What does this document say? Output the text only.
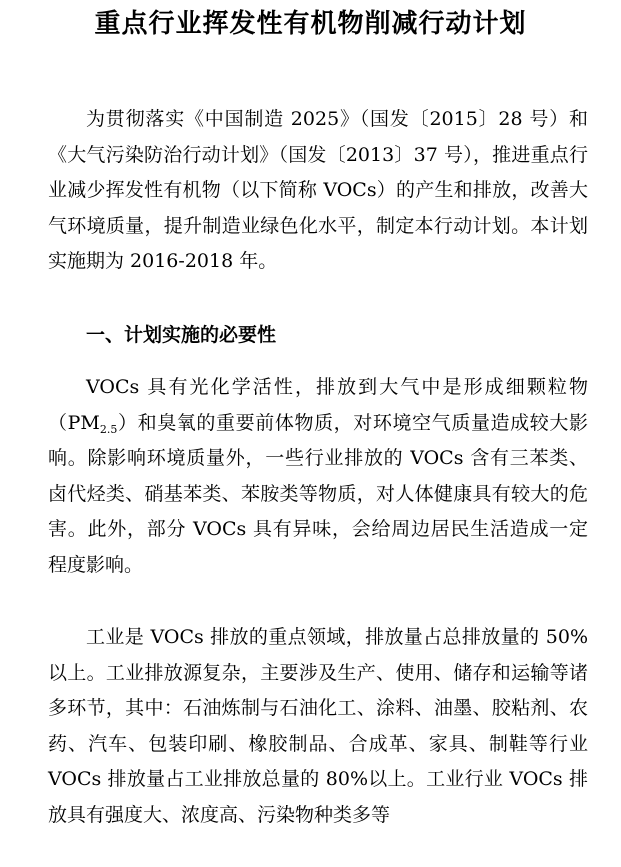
重点行业挥发性有机物削减行动计划

为贯彻落实《中国制造 2025》（国发〔2015〕28 号）和《大气污染防治行动计划》（国发〔2013〕37 号），推进重点行业减少挥发性有机物（以下简称 VOCs）的产生和排放，改善大气环境质量，提升制造业绿色化水平，制定本行动计划。本计划实施期为 2016-2018 年。

一、计划实施的必要性

VOCs 具有光化学活性，排放到大气中是形成细颗粒物$(PM_{2.5})$和臭氧的重要前体物质，对环境空气质量造成较大影响。除影响环境质量外，一些行业排放的 VOCs 含有三苯类、卤代烃类、硝基苯类、苯胺类等物质，对人体健康具有较大的危害。此外，部分 VOCs 具有异味，会给周边居民生活造成一定程度影响。

工业是 VOCs 排放的重点领域，排放量占总排放量的 50%以上。工业排放源复杂，主要涉及生产、使用、储存和运输等诸多环节，其中：石油炼制与石油化工、涂料、油墨、胶粘剂、农药、汽车、包装印刷、橡胶制品、合成革、家具、制鞋等行业 VOCs 排放量占工业排放总量的 80%以上。工业行业 VOCs 排放具有强度大、浓度高、污染物种类多等
